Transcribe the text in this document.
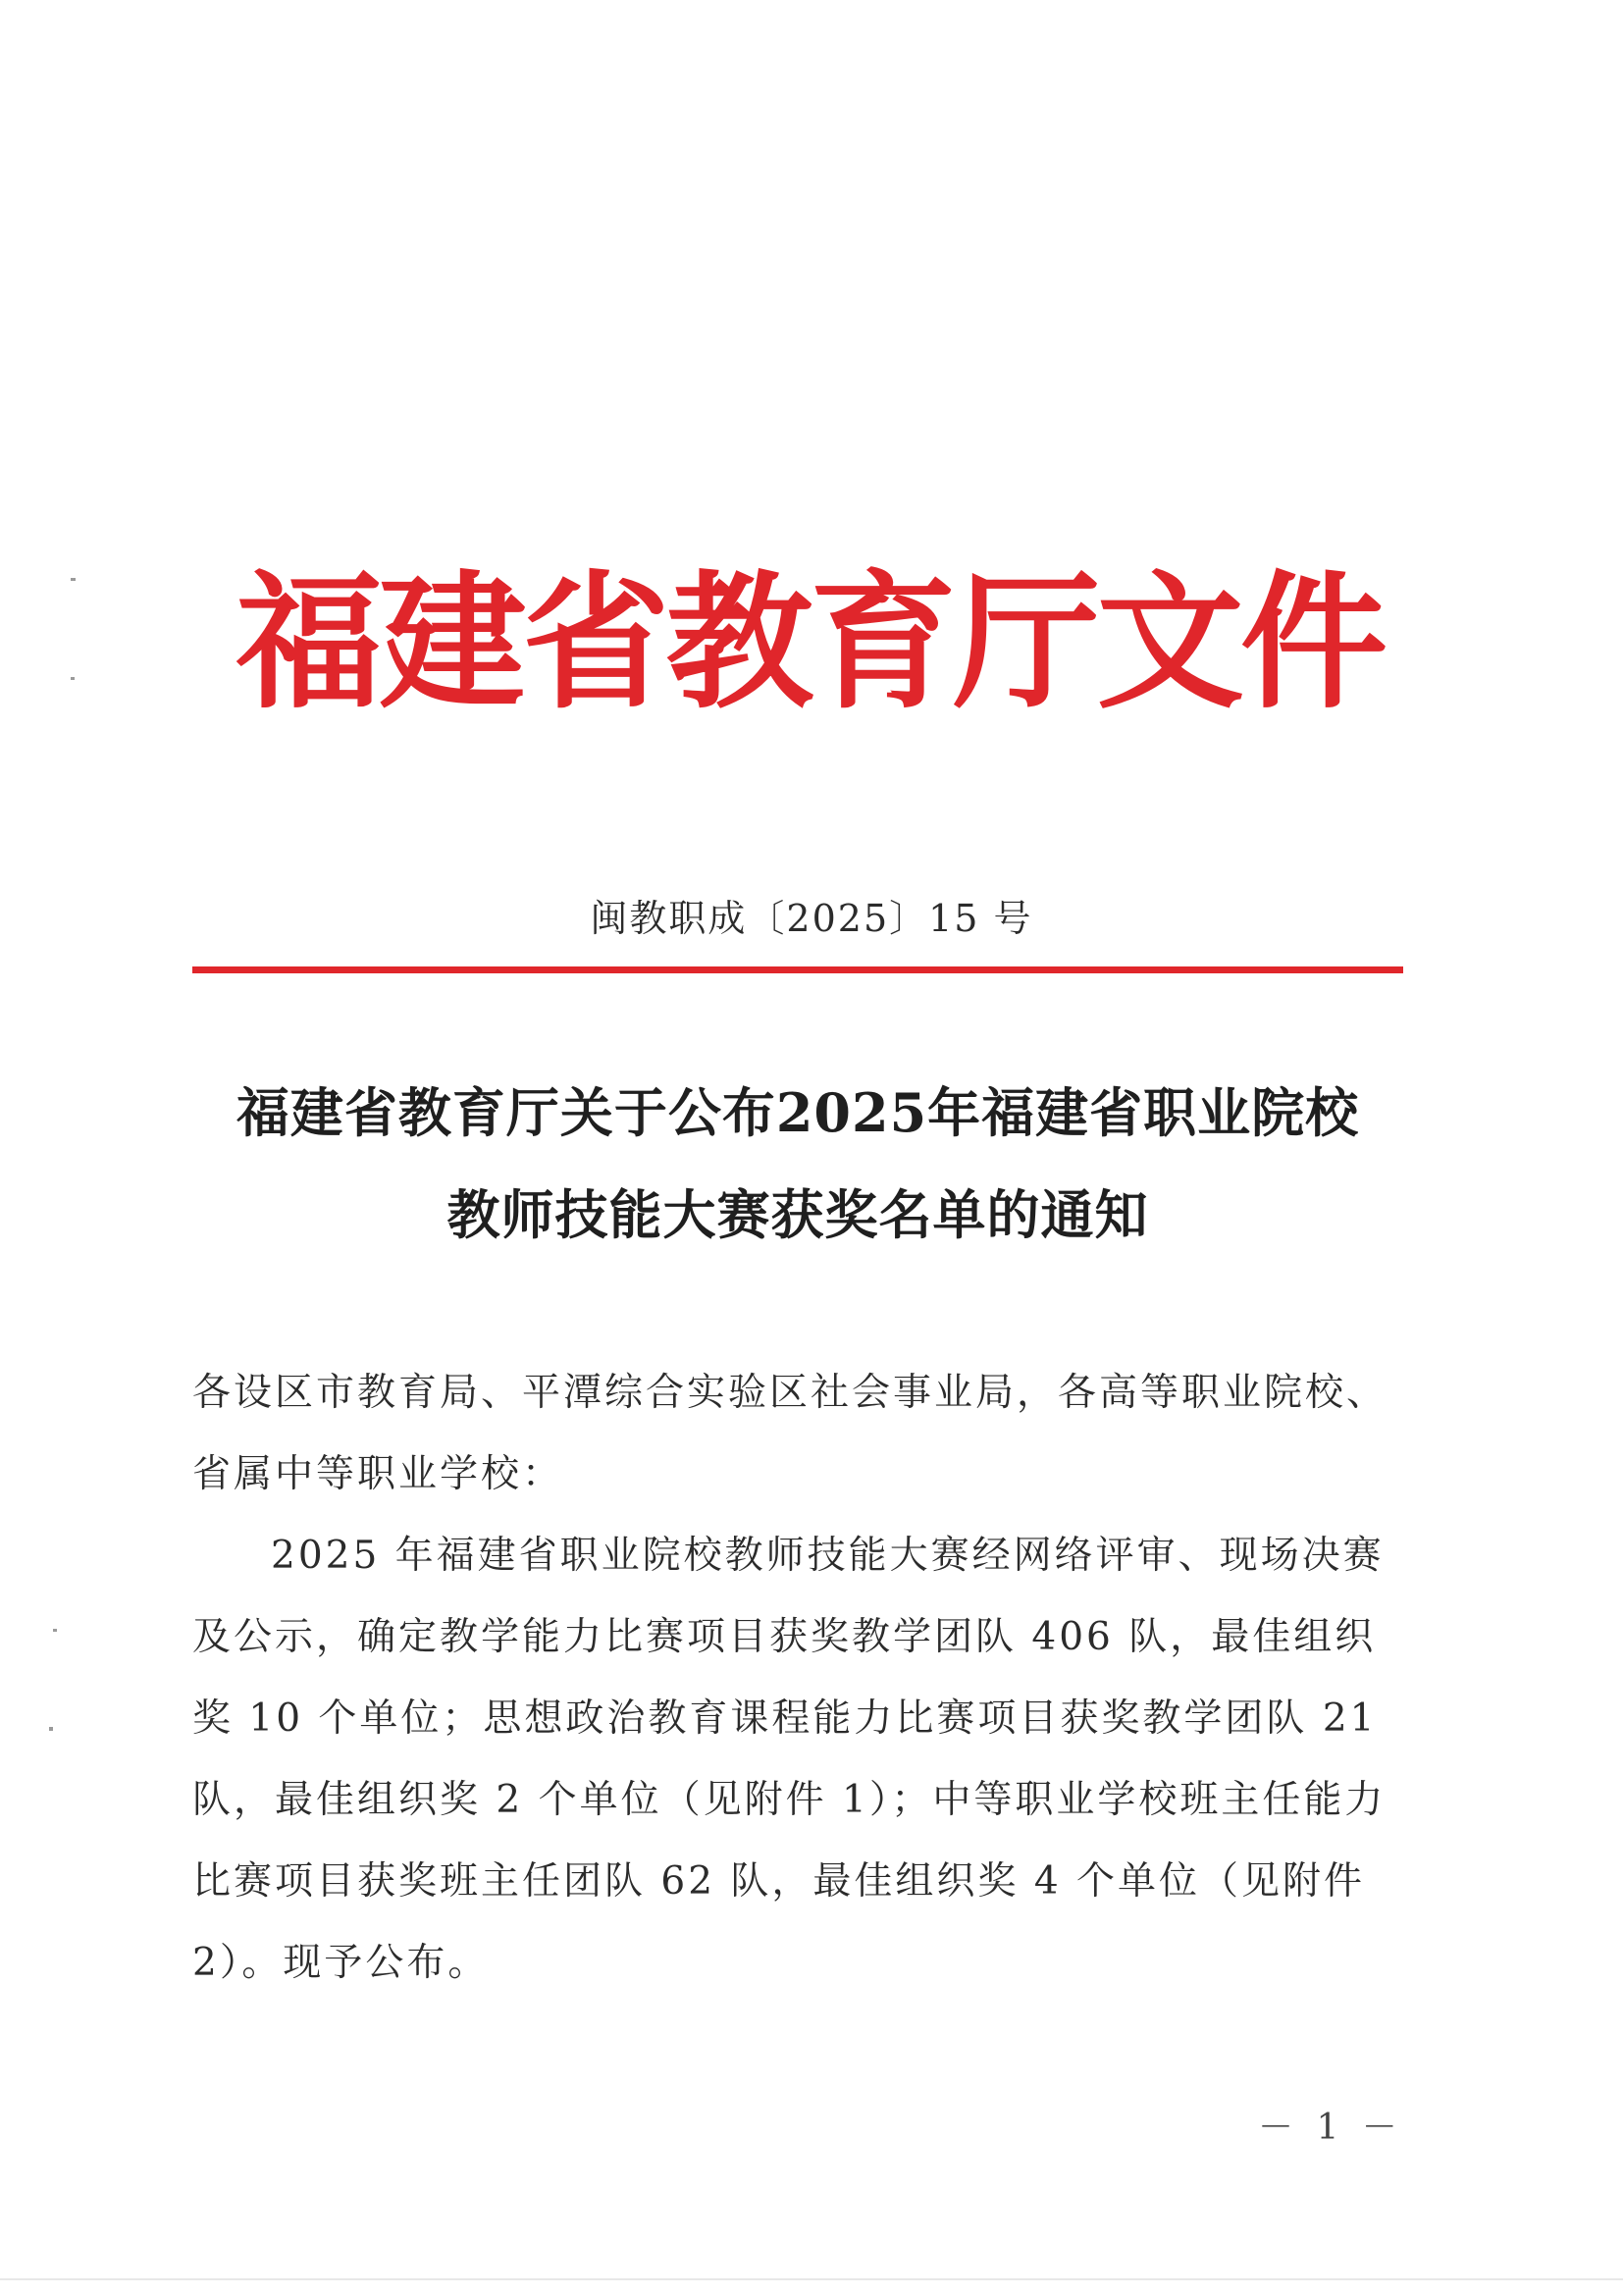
福
建
省
教
育
厅
文
件
闽教职成〔2025〕15 号
福建省教育厅关于公布2025年福建省职业院校
教师技能大赛获奖名单的通知

各设区市教育局、平潭综合实验区社会事业局，各高等职业院校、省属中等职业学校：

2025 年福建省职业院校教师技能大赛经网络评审、现场决赛及公示，确定教学能力比赛项目获奖教学团队 406 队，最佳组织奖 10 个单位；思想政治教育课程能力比赛项目获奖教学团队 21 队，最佳组织奖 2 个单位（见附件 1）；中等职业学校班主任能力比赛项目获奖班主任团队 62 队，最佳组织奖 4 个单位（见附件 2）。现予公布。

－ 1 －
